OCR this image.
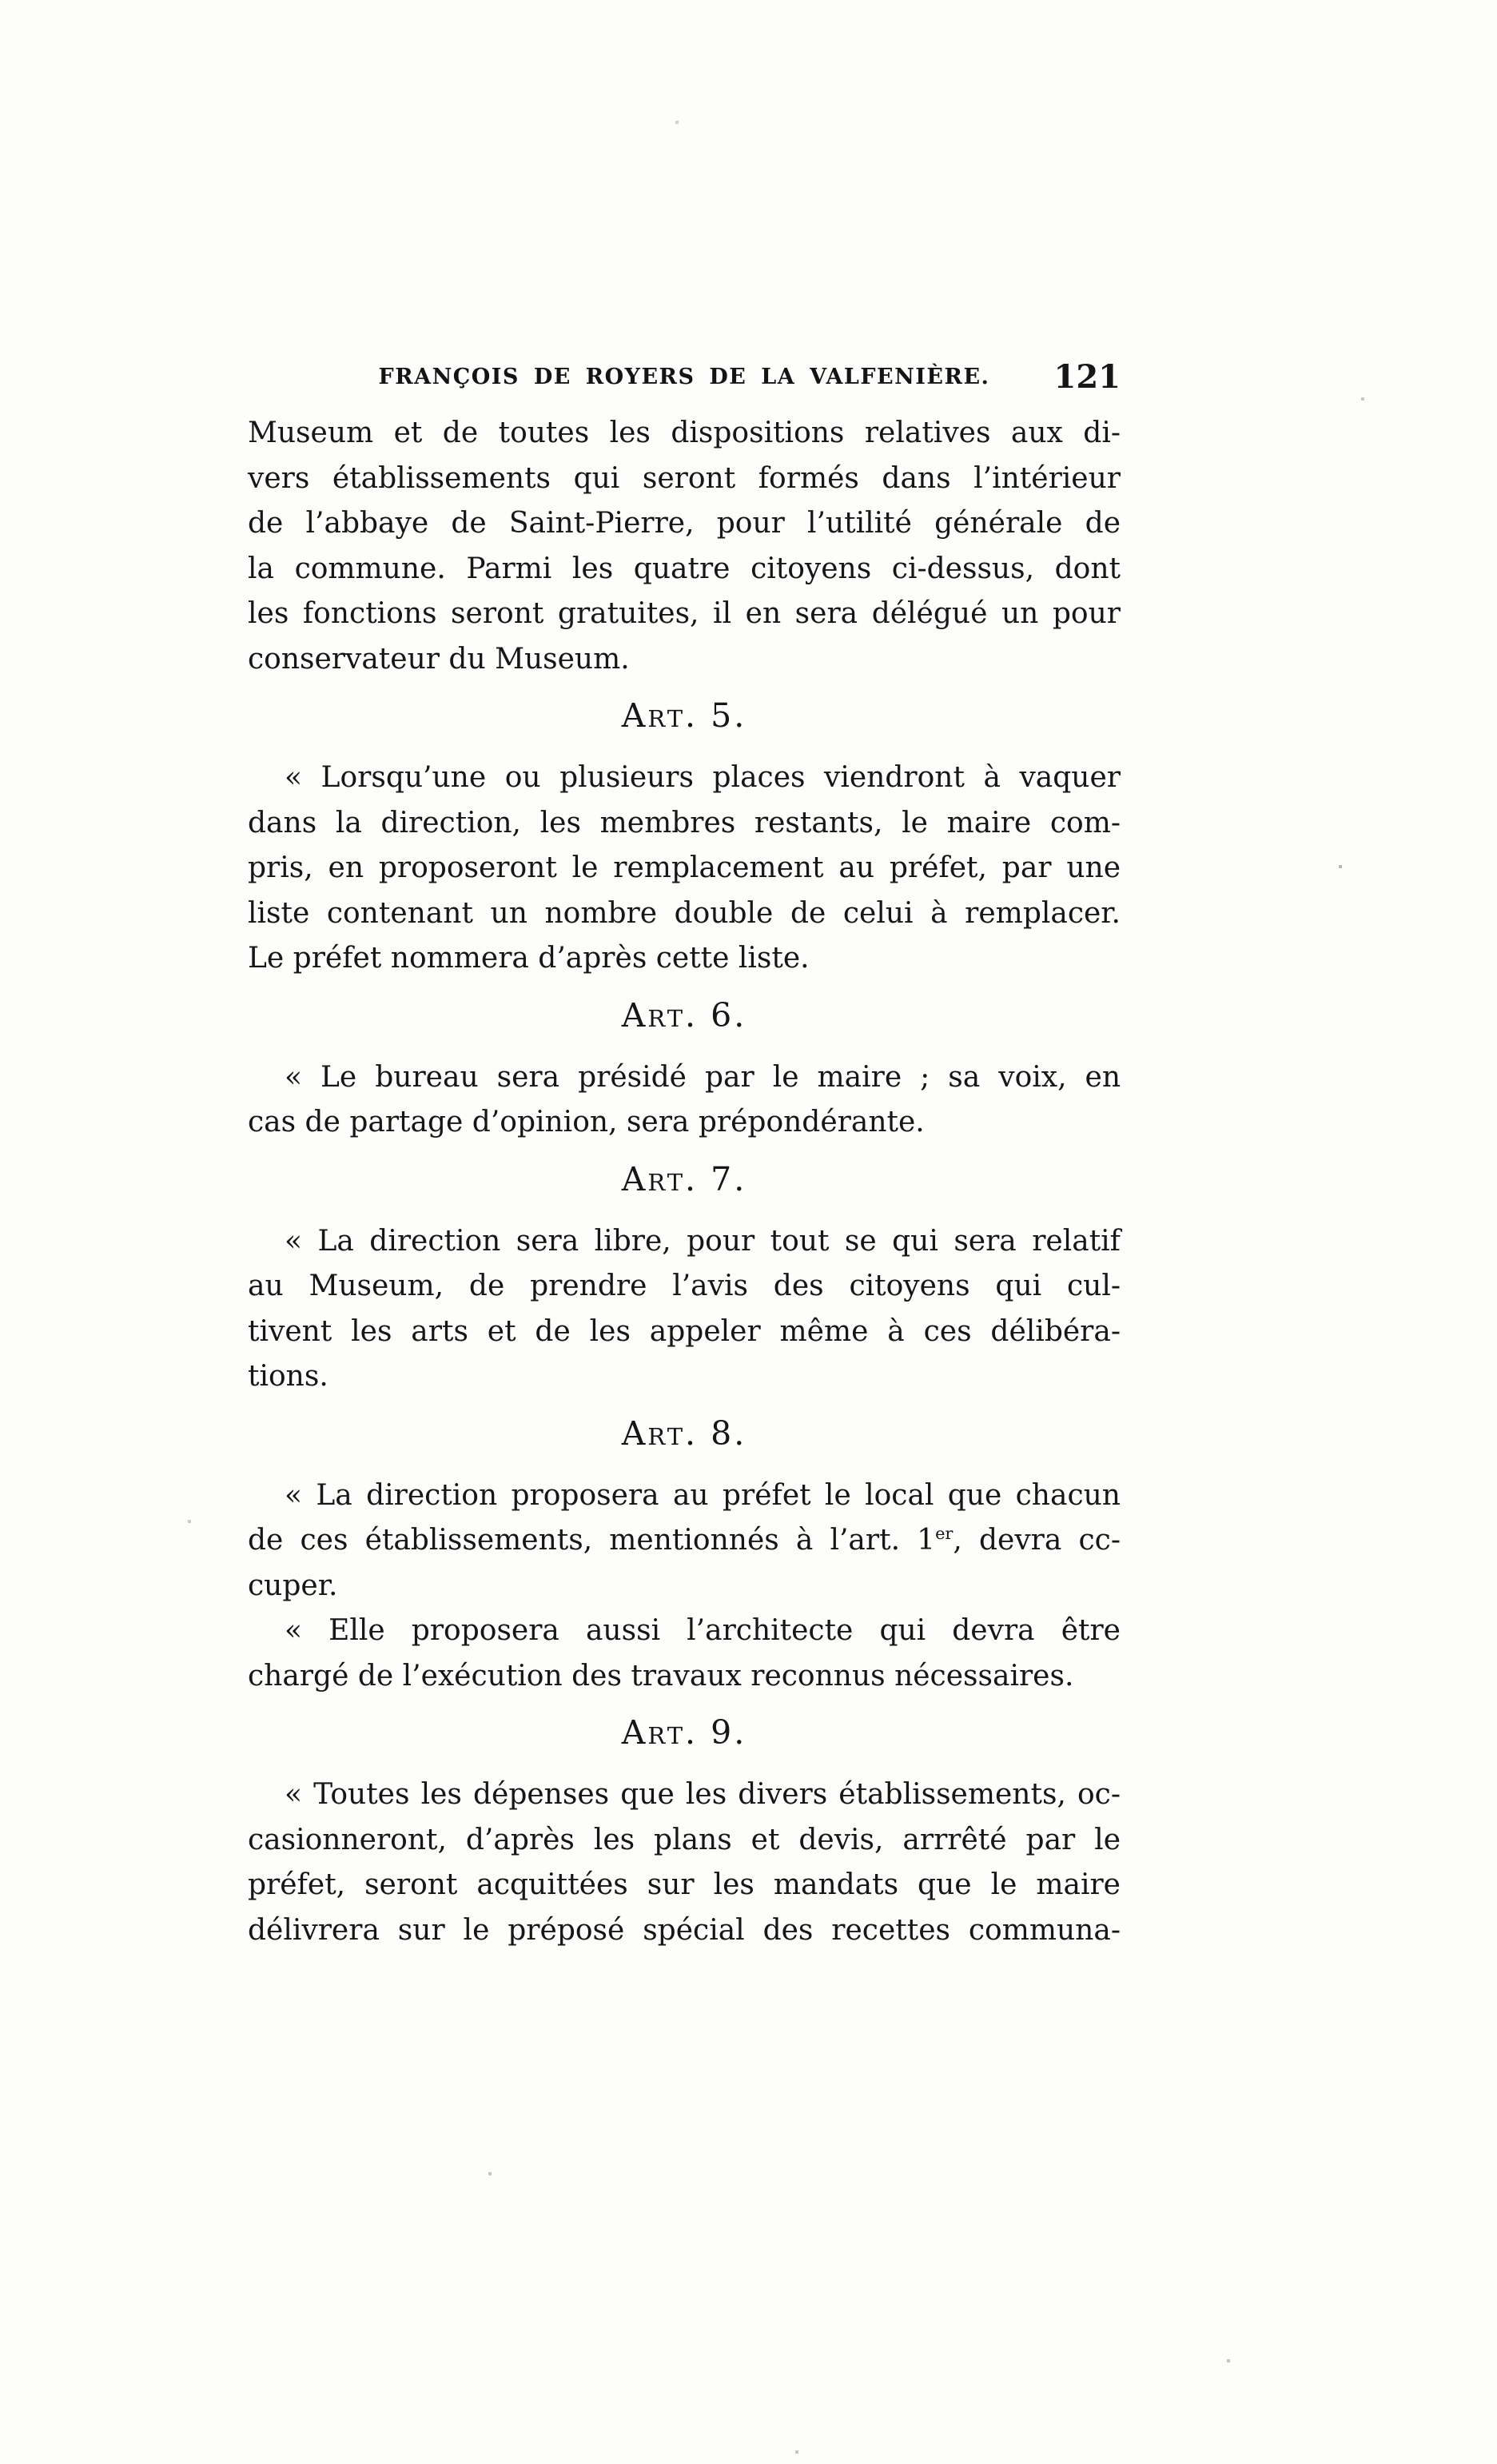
FRANÇOIS DE ROYERS DE LA VALFENIÈRE.	121
Museum et de toutes les dispositions relatives aux di-
vers établissements qui seront formés dans l’intérieur
de l’abbaye de Saint-Pierre, pour l’utilité générale de
la commune. Parmi les quatre citoyens ci-dessus, dont
les fonctions seront gratuites, il en sera délégué un pour
conservateur du Museum.
Art. 5.
« Lorsqu’une ou plusieurs places viendront à vaquer
dans la direction, les membres restants, le maire com-
pris, en proposeront le remplacement au préfet, par une
liste contenant un nombre double de celui à remplacer.
Le préfet nommera d’après cette liste.
Art. 6.
« Le bureau sera présidé par le maire ; sa voix, en
cas de partage d’opinion, sera prépondérante.
Art. 7.
« La direction sera libre, pour tout se qui sera relatif
au Museum, de prendre l’avis des citoyens qui cul-
tivent les arts et de les appeler même à ces délibéra-
tions.
Art. 8.
« La direction proposera au préfet le local que chacun
de ces établissements, mentionnés à l’art. 1er, devra cc-
cuper.
« Elle proposera aussi l’architecte qui devra être
chargé de l’exécution des travaux reconnus nécessaires.
Art. 9.
« Toutes les dépenses que les divers établissements, oc-
casionneront, d’après les plans et devis, arrrêté par le
préfet, seront acquittées sur les mandats que le maire
délivrera sur le préposé spécial des recettes communa-
